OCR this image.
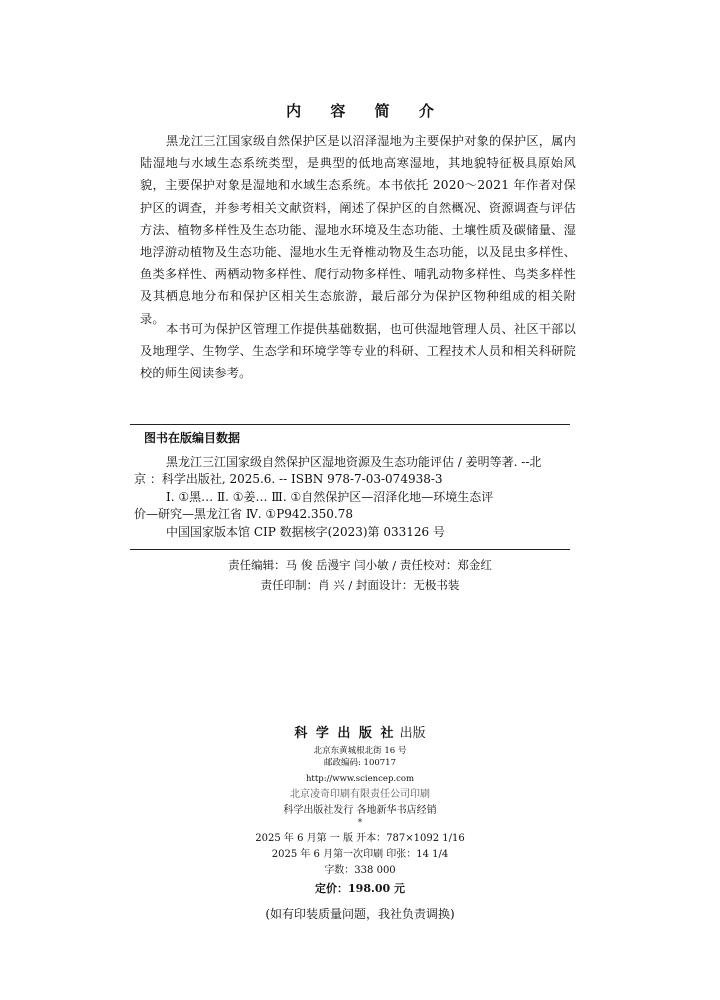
内 容 简 介

黑龙江三江国家级自然保护区是以沼泽湿地为主要保护对象的保护区，属内陆湿地与水域生态系统类型，是典型的低地高寒湿地，其地貌特征极具原始风貌，主要保护对象是湿地和水域生态系统。本书依托 2020～2021 年作者对保护区的调查，并参考相关文献资料，阐述了保护区的自然概况、资源调查与评估方法、植物多样性及生态功能、湿地水环境及生态功能、土壤性质及碳储量、湿地浮游动植物及生态功能、湿地水生无脊椎动物及生态功能，以及昆虫多样性、鱼类多样性、两栖动物多样性、爬行动物多样性、哺乳动物多样性、鸟类多样性及其栖息地分布和保护区相关生态旅游，最后部分为保护区物种组成的相关附录。

本书可为保护区管理工作提供基础数据，也可供湿地管理人员、社区干部以及地理学、生物学、生态学和环境学等专业的科研、工程技术人员和相关科研院校的师生阅读参考。

图书在版编目数据
黑龙江三江国家级自然保护区湿地资源及生态功能评估 / 姜明等著. --北
京 ：科学出版社, 2025.6. -- ISBN 978-7-03-074938-3
Ⅰ. ①黑… Ⅱ. ①姜… Ⅲ. ①自然保护区—沼泽化地—环境生态评
价—研究—黑龙江省 Ⅳ. ①P942.350.78
中国国家版本馆 CIP 数据核字(2023)第 033126 号
责任编辑：马 俊 岳漫宇 闫小敏 / 责任校对：郑金红
责任印制：肖 兴 / 封面设计：无极书装
科 学 出 版 社 出版
北京东黄城根北街 16 号
邮政编码: 100717
http://www.sciencep.com
北京凌奇印刷有限责任公司印刷
科学出版社发行 各地新华书店经销
*
2025 年 6 月第 一 版 开本：787×1092 1/16
2025 年 6 月第一次印刷 印张：14 1/4
字数：338 000
定价：198.00 元
(如有印装质量问题，我社负责调换)
